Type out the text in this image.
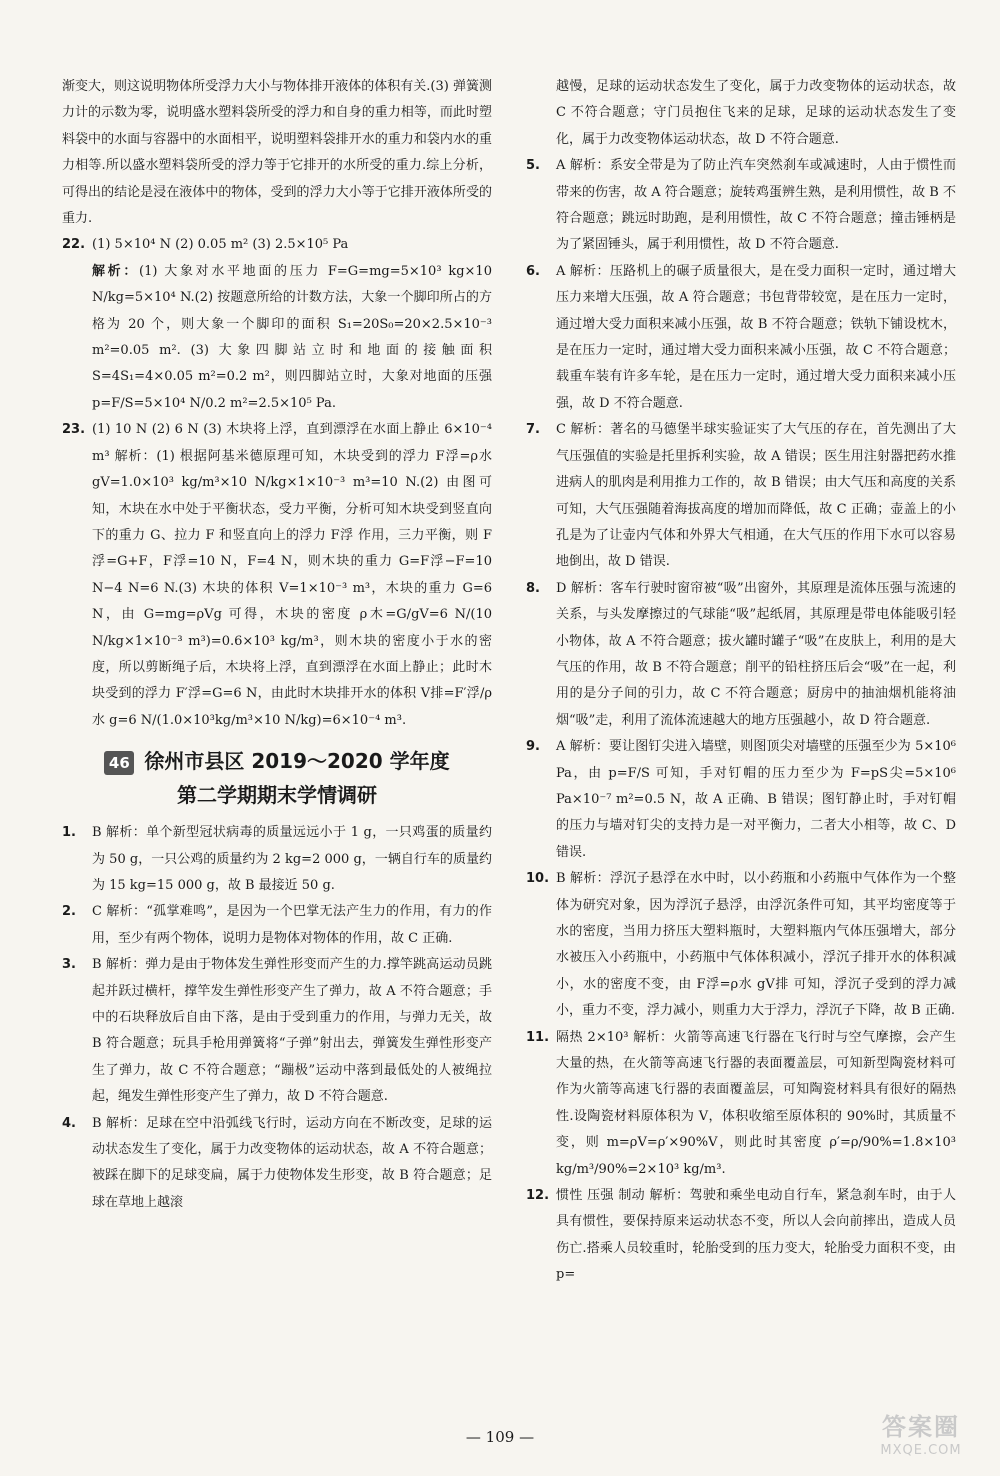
渐变大，则这说明物体所受浮力大小与物体排开液体的体积有关.(3) 弹簧测力计的示数为零，说明盛水塑料袋所受的浮力和自身的重力相等，而此时塑料袋中的水面与容器中的水面相平，说明塑料袋排开水的重力和袋内水的重力相等.所以盛水塑料袋所受的浮力等于它排开的水所受的重力.综上分析，可得出的结论是浸在液体中的物体，受到的浮力大小等于它排开液体所受的重力.

22. (1) 5×10⁴ N (2) 0.05 m² (3) 2.5×10⁵ Pa

解析：(1) 大象对水平地面的压力 F=G=mg=5×10³ kg×10 N/kg=5×10⁴ N.(2) 按题意所给的计数方法，大象一个脚印所占的方格为 20 个，则大象一个脚印的面积 S₁=20S₀=20×2.5×10⁻³ m²=0.05 m². (3) 大象四脚站立时和地面的接触面积 S=4S₁=4×0.05 m²=0.2 m²，则四脚站立时，大象对地面的压强 p=F/S=5×10⁴ N/0.2 m²=2.5×10⁵ Pa.

23. (1) 10 N (2) 6 N (3) 木块将上浮，直到漂浮在水面上静止 6×10⁻⁴ m³ 解析：(1) 根据阿基米德原理可知，木块受到的浮力 F浮=ρ水 gV=1.0×10³ kg/m³×10 N/kg×1×10⁻³ m³=10 N.(2) 由图可知，木块在水中处于平衡状态，受力平衡，分析可知木块受到竖直向下的重力 G、拉力 F 和竖直向上的浮力 F浮 作用，三力平衡，则 F浮=G+F，F浮=10 N，F=4 N，则木块的重力 G=F浮−F=10 N−4 N=6 N.(3) 木块的体积 V=1×10⁻³ m³，木块的重力 G=6 N，由 G=mg=ρVg 可得，木块的密度 ρ木=G/gV=6 N/(10 N/kg×1×10⁻³ m³)=0.6×10³ kg/m³，则木块的密度小于水的密度，所以剪断绳子后，木块将上浮，直到漂浮在水面上静止；此时木块受到的浮力 F′浮=G=6 N，由此时木块排开水的体积 V排=F′浮/ρ水 g=6 N/(1.0×10³kg/m³×10 N/kg)=6×10⁻⁴ m³.

46 徐州市县区 2019～2020 学年度
第二学期期末学情调研

1. B 解析：单个新型冠状病毒的质量远远小于 1 g，一只鸡蛋的质量约为 50 g，一只公鸡的质量约为 2 kg=2 000 g，一辆自行车的质量约为 15 kg=15 000 g，故 B 最接近 50 g.

2. C 解析：“孤掌难鸣”，是因为一个巴掌无法产生力的作用，有力的作用，至少有两个物体，说明力是物体对物体的作用，故 C 正确.

3. B 解析：弹力是由于物体发生弹性形变而产生的力.撑竿跳高运动员跳起并跃过横杆，撑竿发生弹性形变产生了弹力，故 A 不符合题意；手中的石块释放后自由下落，是由于受到重力的作用，与弹力无关，故 B 符合题意；玩具手枪用弹簧将“子弹”射出去，弹簧发生弹性形变产生了弹力，故 C 不符合题意；“蹦极”运动中落到最低处的人被绳拉起，绳发生弹性形变产生了弹力，故 D 不符合题意.

4. B 解析：足球在空中沿弧线飞行时，运动方向在不断改变，足球的运动状态发生了变化，属于力改变物体的运动状态，故 A 不符合题意；被踩在脚下的足球变扁，属于力使物体发生形变，故 B 符合题意；足球在草地上越滚

越慢，足球的运动状态发生了变化，属于力改变物体的运动状态，故 C 不符合题意；守门员抱住飞来的足球，足球的运动状态发生了变化，属于力改变物体运动状态，故 D 不符合题意.

5. A 解析：系安全带是为了防止汽车突然刹车或减速时，人由于惯性而带来的伤害，故 A 符合题意；旋转鸡蛋辨生熟，是利用惯性，故 B 不符合题意；跳远时助跑，是利用惯性，故 C 不符合题意；撞击锤柄是为了紧固锤头，属于利用惯性，故 D 不符合题意.

6. A 解析：压路机上的碾子质量很大，是在受力面积一定时，通过增大压力来增大压强，故 A 符合题意；书包背带较宽，是在压力一定时，通过增大受力面积来减小压强，故 B 不符合题意；铁轨下铺设枕木，是在压力一定时，通过增大受力面积来减小压强，故 C 不符合题意；载重车装有许多车轮，是在压力一定时，通过增大受力面积来减小压强，故 D 不符合题意.

7. C 解析：著名的马德堡半球实验证实了大气压的存在，首先测出了大气压强值的实验是托里拆利实验，故 A 错误；医生用注射器把药水推进病人的肌肉是利用推力工作的，故 B 错误；由大气压和高度的关系可知，大气压强随着海拔高度的增加而降低，故 C 正确；壶盖上的小孔是为了让壶内气体和外界大气相通，在大气压的作用下水可以容易地倒出，故 D 错误.

8. D 解析：客车行驶时窗帘被“吸”出窗外，其原理是流体压强与流速的关系，与头发摩擦过的气球能“吸”起纸屑，其原理是带电体能吸引轻小物体，故 A 不符合题意；拔火罐时罐子“吸”在皮肤上，利用的是大气压的作用，故 B 不符合题意；削平的铅柱挤压后会“吸”在一起，利用的是分子间的引力，故 C 不符合题意；厨房中的抽油烟机能将油烟“吸”走，利用了流体流速越大的地方压强越小，故 D 符合题意.

9. A 解析：要让图钉尖进入墙壁，则图顶尖对墙壁的压强至少为 5×10⁶ Pa，由 p=F/S 可知，手对钉帽的压力至少为 F=pS尖=5×10⁶ Pa×10⁻⁷ m²=0.5 N，故 A 正确、B 错误；图钉静止时，手对钉帽的压力与墙对钉尖的支持力是一对平衡力，二者大小相等，故 C、D 错误.

10. B 解析：浮沉子悬浮在水中时，以小药瓶和小药瓶中气体作为一个整体为研究对象，因为浮沉子悬浮，由浮沉条件可知，其平均密度等于水的密度，当用力挤压大塑料瓶时，大塑料瓶内气体压强增大，部分水被压入小药瓶中，小药瓶中气体体积减小，浮沉子排开水的体积减小，水的密度不变，由 F浮=ρ水 gV排 可知，浮沉子受到的浮力减小，重力不变，浮力减小，则重力大于浮力，浮沉子下降，故 B 正确.

11. 隔热 2×10³ 解析：火箭等高速飞行器在飞行时与空气摩擦，会产生大量的热，在火箭等高速飞行器的表面覆盖层，可知新型陶瓷材料可作为火箭等高速飞行器的表面覆盖层，可知陶瓷材料具有很好的隔热性.设陶瓷材料原体积为 V，体积收缩至原体积的 90%时，其质量不变，则 m=ρV=ρ′×90%V，则此时其密度 ρ′=ρ/90%=1.8×10³ kg/m³/90%=2×10³ kg/m³.

12. 惯性 压强 制动 解析：驾驶和乘坐电动自行车，紧急刹车时，由于人具有惯性，要保持原来运动状态不变，所以人会向前摔出，造成人员伤亡.搭乘人员较重时，轮胎受到的压力变大，轮胎受力面积不变，由 p=

— 109 —	答案圈
MXQE.COM
